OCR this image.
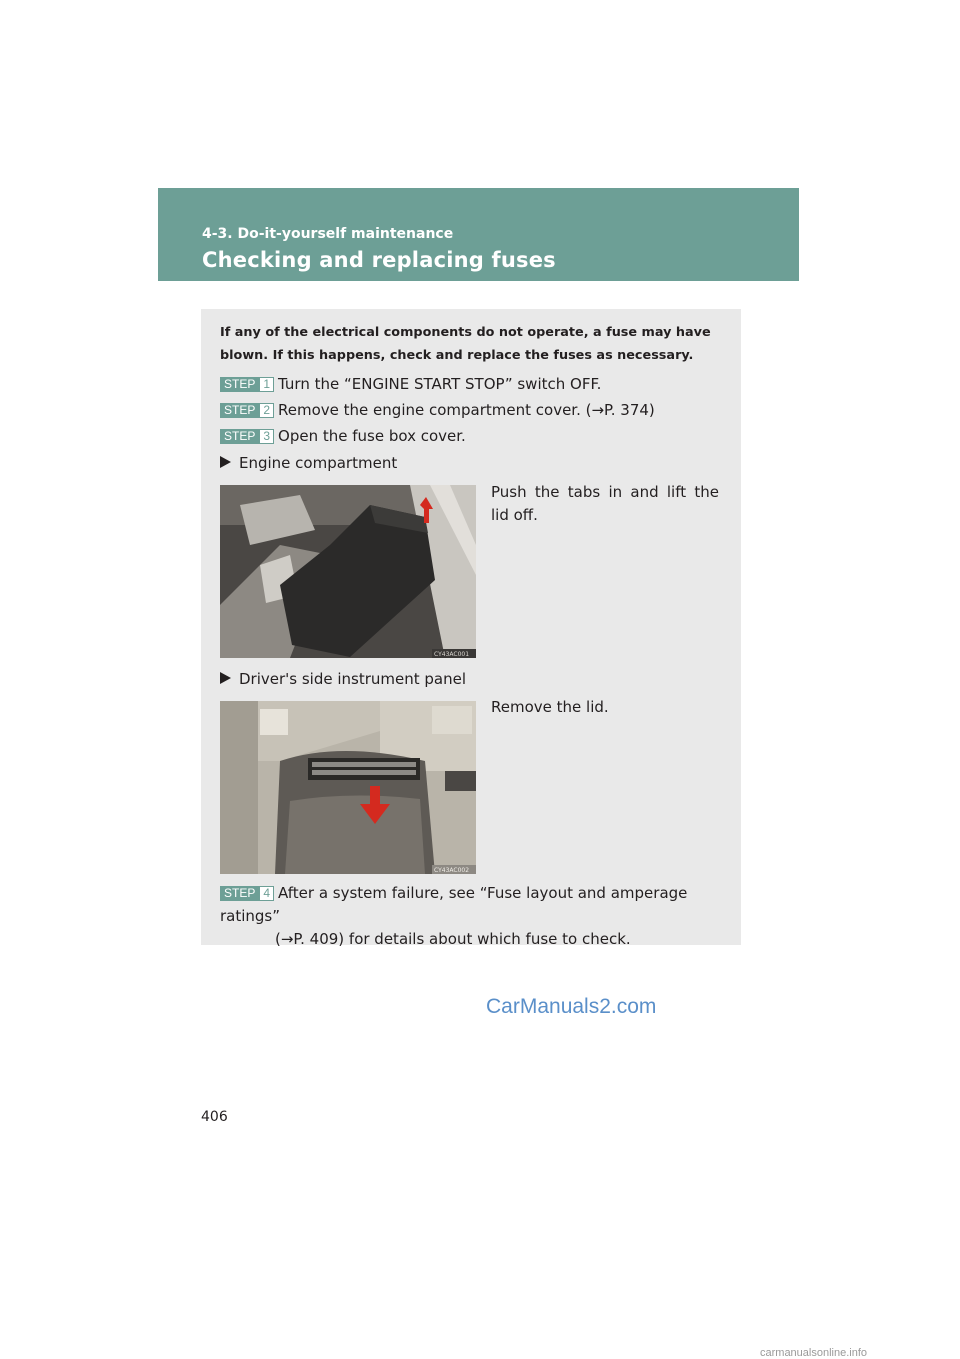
4-3. Do-it-yourself maintenance
Checking and replacing fuses
If any of the electrical components do not operate, a fuse may have blown. If this happens, check and replace the fuses as necessary.
STEP 1 Turn the “ENGINE START STOP” switch OFF.
STEP 2 Remove the engine compartment cover. (→P. 374)
STEP 3 Open the fuse box cover.
Engine compartment
CY43AC001
Push the tabs in and lift the lid off.
Driver's side instrument panel
CY43AC002
Remove the lid.
STEP 4 After a system failure, see “Fuse layout and amperage ratings”
(→P. 409) for details about which fuse to check.
406
CarManuals2.com
carmanualsonline.info
